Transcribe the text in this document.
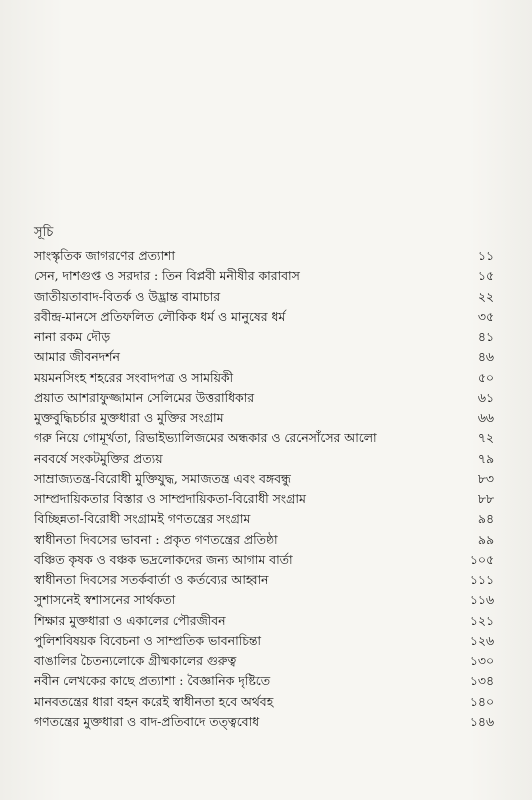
সূচি
সাংস্কৃতিক জাগরণের প্রত্যাশা	১১
সেন, দাশগুপ্ত ও সরদার : তিন বিপ্লবী মনীষীর কারাবাস	১৫
জাতীয়তাবাদ-বিতর্ক ও উদ্ভ্রান্ত বামাচার	২২
রবীন্দ্র-মানসে প্রতিফলিত লৌকিক ধর্ম ও মানুষের ধর্ম	৩৫
নানা রকম দৌড়	৪১
আমার জীবনদর্শন	৪৬
ময়মনসিংহ শহরের সংবাদপত্র ও সাময়িকী	৫০
প্রয়াত আশরাফুজ্জামান সেলিমের উত্তরাধিকার	৬১
মুক্তবুদ্ধিচর্চার মুক্তধারা ও মুক্তির সংগ্রাম	৬৬
গরু নিয়ে গোমূর্খতা, রিভাইভ্যালিজমের অন্ধকার ও রেনেসাঁসের আলো	৭২
নববর্ষে সংকটমুক্তির প্রত্যয়	৭৯
সাম্রাজ্যতন্ত্র-বিরোধী মুক্তিযুদ্ধ, সমাজতন্ত্র এবং বঙ্গবন্ধু	৮৩
সাম্প্রদায়িকতার বিস্তার ও সাম্প্রদায়িকতা-বিরোধী সংগ্রাম	৮৮
বিচ্ছিন্নতা-বিরোধী সংগ্রামই গণতন্ত্রের সংগ্রাম	৯৪
স্বাধীনতা দিবসের ভাবনা : প্রকৃত গণতন্ত্রের প্রতিষ্ঠা	৯৯
বঞ্চিত কৃষক ও বঞ্চক ভদ্রলোকদের জন্য আগাম বার্তা	১০৫
স্বাধীনতা দিবসের সতর্কবার্তা ও কর্তব্যের আহ্বান	১১১
সুশাসনেই স্বশাসনের সার্থকতা	১১৬
শিক্ষার মুক্তধারা ও একালের পৌরজীবন	১২১
পুলিশবিষয়ক বিবেচনা ও সাম্প্রতিক ভাবনাচিন্তা	১২৬
বাঙালির চৈতন্যলোকে গ্রীষ্মকালের গুরুত্ব	১৩০
নবীন লেখকের কাছে প্রত্যাশা : বৈজ্ঞানিক দৃষ্টিতে	১৩৪
মানবতন্ত্রের ধারা বহন করেই স্বাধীনতা হবে অর্থবহ	১৪০
গণতন্ত্রের মুক্তধারা ও বাদ-প্রতিবাদে তত্ত্ববোধ	১৪৬
